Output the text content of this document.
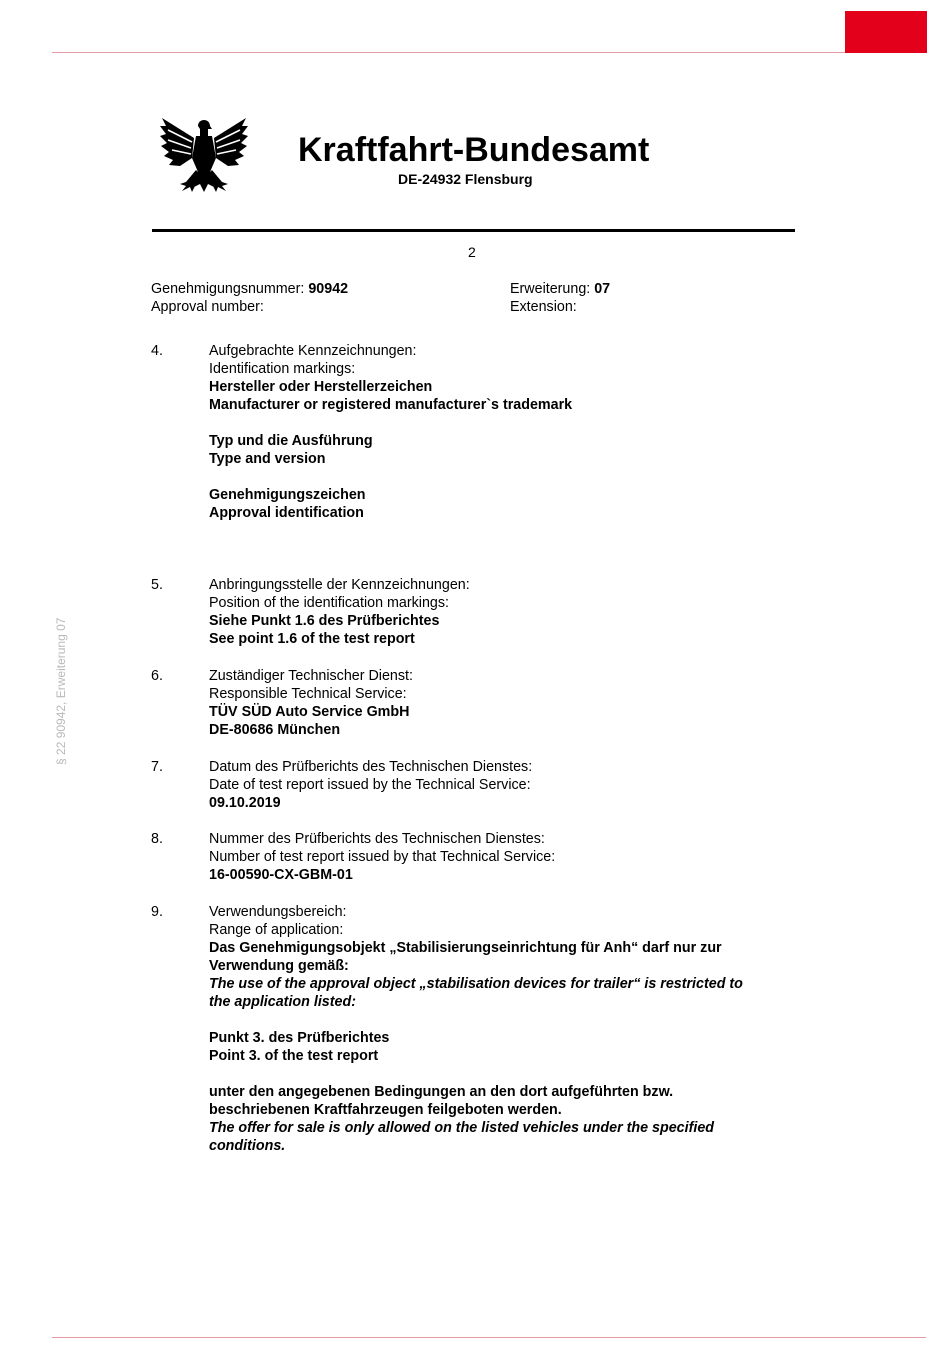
§ 22 90942, Erweiterung 07
Kraftfahrt-Bundesamt
DE-24932 Flensburg
2
Genehmigungsnummer: 90942
Approval number:
Erweiterung: 07
Extension:
4.	Aufgebrachte Kennzeichnungen:
Identification markings:
Hersteller oder Herstellerzeichen
Manufacturer or registered manufacturer`s trademark
Typ und die Ausführung
Type and version
Genehmigungszeichen
Approval identification
5.	Anbringungsstelle der Kennzeichnungen:
Position of the identification markings:
Siehe Punkt 1.6 des Prüfberichtes
See point 1.6 of the test report
6.	Zuständiger Technischer Dienst:
Responsible Technical Service:
TÜV SÜD Auto Service GmbH
DE-80686 München
7.	Datum des Prüfberichts des Technischen Dienstes:
Date of test report issued by the Technical Service:
09.10.2019
8.	Nummer des Prüfberichts des Technischen Dienstes:
Number of test report issued by that Technical Service:
16-00590-CX-GBM-01
9.	Verwendungsbereich:
Range of application:
Das Genehmigungsobjekt „Stabilisierungseinrichtung für Anh“ darf nur zur
Verwendung gemäß:
The use of the approval object „stabilisation devices for trailer“ is restricted to
the application listed:
Punkt 3. des Prüfberichtes
Point 3. of the test report
unter den angegebenen Bedingungen an den dort aufgeführten bzw.
beschriebenen Kraftfahrzeugen feilgeboten werden.
The offer for sale is only allowed on the listed vehicles under the specified
conditions.
